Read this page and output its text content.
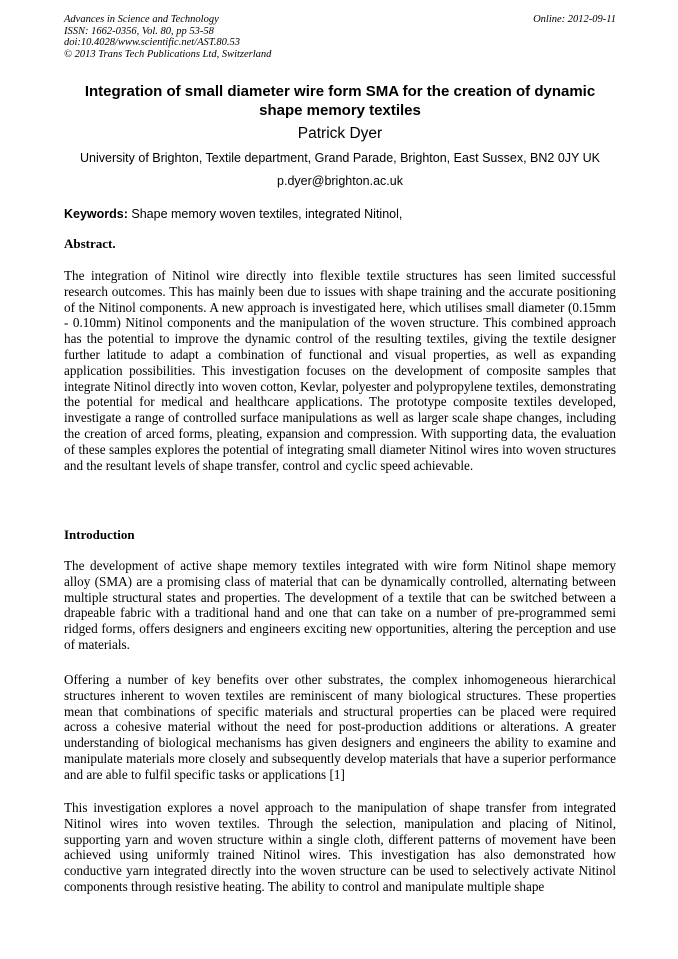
Advances in Science and Technology
ISSN: 1662-0356, Vol. 80, pp 53-58
doi:10.4028/www.scientific.net/AST.80.53
© 2013 Trans Tech Publications Ltd, Switzerland
Online: 2012-09-11
Integration of small diameter wire form SMA for the creation of dynamic shape memory textiles
Patrick Dyer
University of Brighton, Textile department, Grand Parade, Brighton, East Sussex, BN2 0JY UK
p.dyer@brighton.ac.uk
Keywords: Shape memory woven textiles, integrated Nitinol,
Abstract.
The integration of Nitinol wire directly into flexible textile structures has seen limited successful research outcomes. This has mainly been due to issues with shape training and the accurate positioning of the Nitinol components. A new approach is investigated here, which utilises small diameter (0.15mm - 0.10mm) Nitinol components and the manipulation of the woven structure. This combined approach has the potential to improve the dynamic control of the resulting textiles, giving the textile designer further latitude to adapt a combination of functional and visual properties, as well as expanding application possibilities. This investigation focuses on the development of composite samples that integrate Nitinol directly into woven cotton, Kevlar, polyester and polypropylene textiles, demonstrating the potential for medical and healthcare applications. The prototype composite textiles developed, investigate a range of controlled surface manipulations as well as larger scale shape changes, including the creation of arced forms, pleating, expansion and compression. With supporting data, the evaluation of these samples explores the potential of integrating small diameter Nitinol wires into woven structures and the resultant levels of shape transfer, control and cyclic speed achievable.
Introduction
The development of active shape memory textiles integrated with wire form Nitinol shape memory alloy (SMA) are a promising class of material that can be dynamically controlled, alternating between multiple structural states and properties. The development of a textile that can be switched between a drapeable fabric with a traditional hand and one that can take on a number of pre-programmed semi ridged forms, offers designers and engineers exciting new opportunities, altering the perception and use of materials.
Offering a number of key benefits over other substrates, the complex inhomogeneous hierarchical structures inherent to woven textiles are reminiscent of many biological structures. These properties mean that combinations of specific materials and structural properties can be placed were required across a cohesive material without the need for post-production additions or alterations. A greater understanding of biological mechanisms has given designers and engineers the ability to examine and manipulate materials more closely and subsequently develop materials that have a superior performance and are able to fulfil specific tasks or applications [1]
This investigation explores a novel approach to the manipulation of shape transfer from integrated Nitinol wires into woven textiles. Through the selection, manipulation and placing of Nitinol, supporting yarn and woven structure within a single cloth, different patterns of movement have been achieved using uniformly trained Nitinol wires. This investigation has also demonstrated how conductive yarn integrated directly into the woven structure can be used to selectively activate Nitinol components through resistive heating. The ability to control and manipulate multiple shape
